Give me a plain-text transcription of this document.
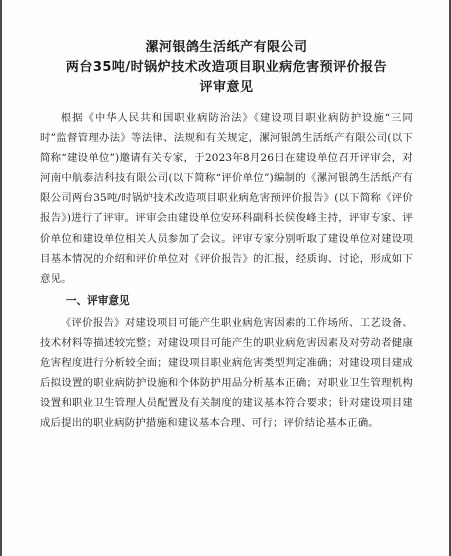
漯河银鸽生活纸产有限公司

两台35吨/时锅炉技术改造项目职业病危害预评价报告

评审意见

根据《中华人民共和国职业病防治法》《建设项目职业病防护设施“三同时”监督管理办法》等法律、法规和有关规定，漯河银鸽生活纸产有限公司(以下简称“建设单位”)邀请有关专家，于2023年8月26日在建设单位召开评审会，对河南中航泰洁科技有限公司(以下简称“评价单位”)编制的《漯河银鸽生活纸产有限公司两台35吨/时锅炉技术改造项目职业病危害预评价报告》(以下简称《评价报告》)进行了评审。评审会由建设单位安环科副科长侯俊峰主持，评审专家、评价单位和建设单位相关人员参加了会议。评审专家分别听取了建设单位对建设项目基本情况的介绍和评价单位对《评价报告》的汇报，经质询、讨论，形成如下意见。
一、评审意见
《评价报告》对建设项目可能产生职业病危害因素的工作场所、工艺设备、技术材料等描述较完整；对建设项目可能产生的职业病危害因素及对劳动者健康危害程度进行分析较全面；建设项目职业病危害类型判定准确；对建设项目建成后拟设置的职业病防护设施和个体防护用品分析基本正确；对职业卫生管理机构设置和职业卫生管理人员配置及有关制度的建议基本符合要求；针对建设项目建成后提出的职业病防护措施和建议基本合理、可行；评价结论基本正确。
